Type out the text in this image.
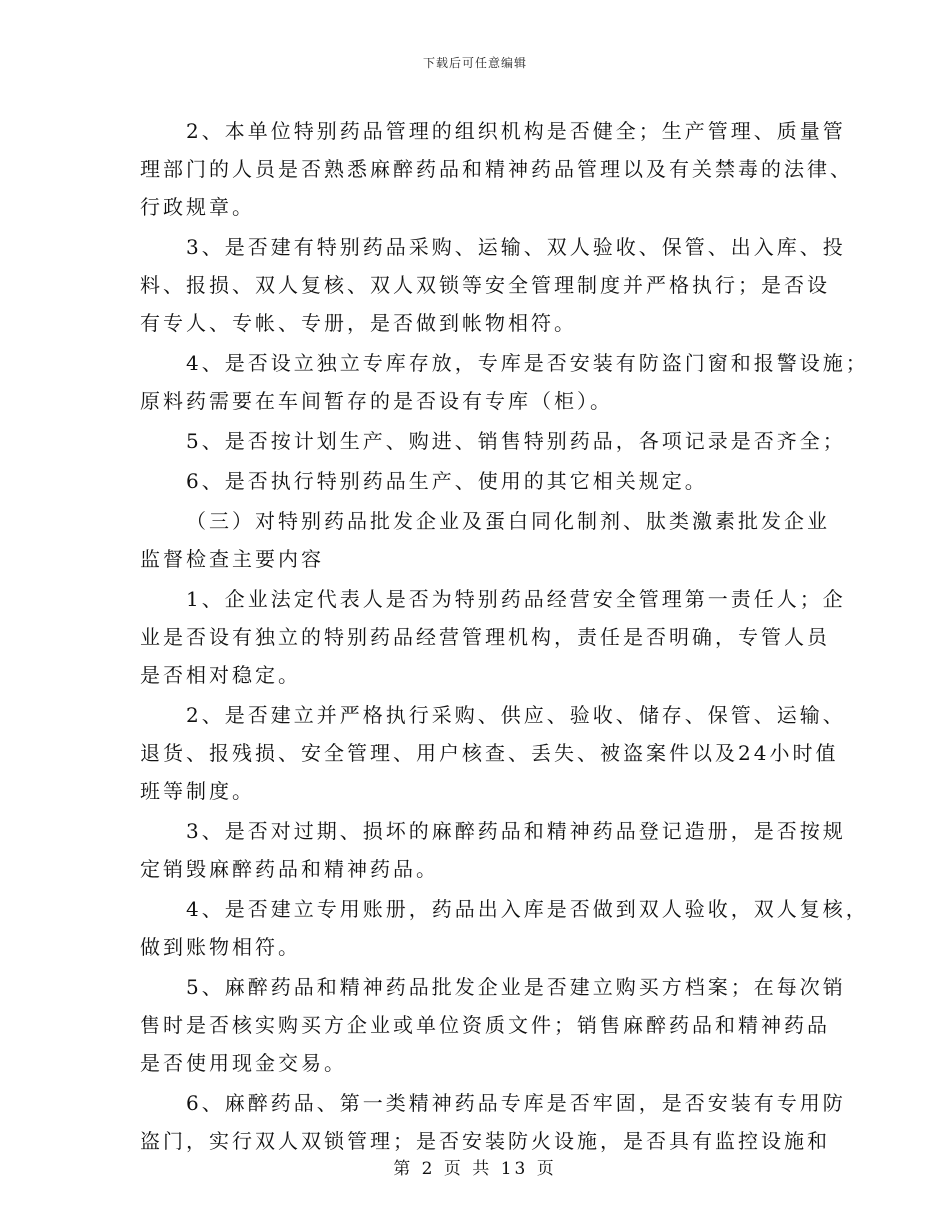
下载后可任意编辑
2、本单位特别药品管理的组织机构是否健全；生产管理、质量管
理部门的人员是否熟悉麻醉药品和精神药品管理以及有关禁毒的法律、
行政规章。
3、是否建有特别药品采购、运输、双人验收、保管、出入库、投
料、报损、双人复核、双人双锁等安全管理制度并严格执行；是否设
有专人、专帐、专册，是否做到帐物相符。
4、是否设立独立专库存放，专库是否安装有防盗门窗和报警设施；
原料药需要在车间暂存的是否设有专库（柜）。
5、是否按计划生产、购进、销售特别药品，各项记录是否齐全；
6、是否执行特别药品生产、使用的其它相关规定。
（三）对特别药品批发企业及蛋白同化制剂、肽类激素批发企业
监督检查主要内容
1、企业法定代表人是否为特别药品经营安全管理第一责任人；企
业是否设有独立的特别药品经营管理机构，责任是否明确，专管人员
是否相对稳定。
2、是否建立并严格执行采购、供应、验收、储存、保管、运输、
退货、报残损、安全管理、用户核查、丢失、被盗案件以及24小时值
班等制度。
3、是否对过期、损坏的麻醉药品和精神药品登记造册，是否按规
定销毁麻醉药品和精神药品。
4、是否建立专用账册，药品出入库是否做到双人验收，双人复核，
做到账物相符。
5、麻醉药品和精神药品批发企业是否建立购买方档案；在每次销
售时是否核实购买方企业或单位资质文件；销售麻醉药品和精神药品
是否使用现金交易。
6、麻醉药品、第一类精神药品专库是否牢固，是否安装有专用防
盗门，实行双人双锁管理；是否安装防火设施，是否具有监控设施和
第 2 页 共 13 页
